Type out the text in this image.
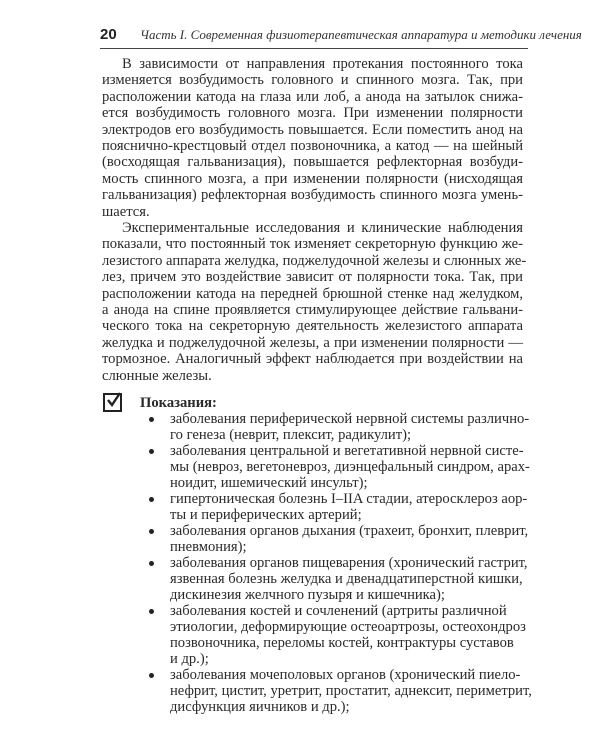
20 Часть I. Современная физиотерапевтическая аппаратура и методики лечения
В зависимости от направления протекания постоянного тока
изменяется возбудимость головного и спинного мозга. Так, при
расположении катода на глаза или лоб, а анода на затылок снижа-
ется возбудимость головного мозга. При изменении полярности
электродов его возбудимость повышается. Если поместить анод на
пояснично-крестцовый отдел позвоночника, а катод — на шейный
(восходящая гальванизация), повышается рефлекторная возбуди-
мость спинного мозга, а при изменении полярности (нисходящая
гальванизация) рефлекторная возбудимость спинного мозга умень-
шается.
Экспериментальные исследования и клинические наблюдения
показали, что постоянный ток изменяет секреторную функцию же-
лезистого аппарата желудка, поджелудочной железы и слюнных же-
лез, причем это воздействие зависит от полярности тока. Так, при
расположении катода на передней брюшной стенке над желудком,
а анода на спине проявляется стимулирующее действие гальвани-
ческого тока на секреторную деятельность железистого аппарата
желудка и поджелудочной железы, а при изменении полярности —
тормозное. Аналогичный эффект наблюдается при воздействии на
слюнные железы.
Показания:
заболевания периферической нервной системы различно-
го генеза (неврит, плексит, радикулит);
заболевания центральной и вегетативной нервной систе-
мы (невроз, вегетоневроз, диэнцефальный синдром, арах-
ноидит, ишемический инсульт);
гипертоническая болезнь I–IIA стадии, атеросклероз аор-
ты и периферических артерий;
заболевания органов дыхания (трахеит, бронхит, плеврит,
пневмония);
заболевания органов пищеварения (хронический гастрит,
язвенная болезнь желудка и двенадцатиперстной кишки,
дискинезия желчного пузыря и кишечника);
заболевания костей и сочленений (артриты различной
этиологии, деформирующие остеоартрозы, остеохондроз
позвоночника, переломы костей, контрактуры суставов
и др.);
заболевания мочеполовых органов (хронический пиело-
нефрит, цистит, уретрит, простатит, аднексит, периметрит,
дисфункция яичников и др.);
